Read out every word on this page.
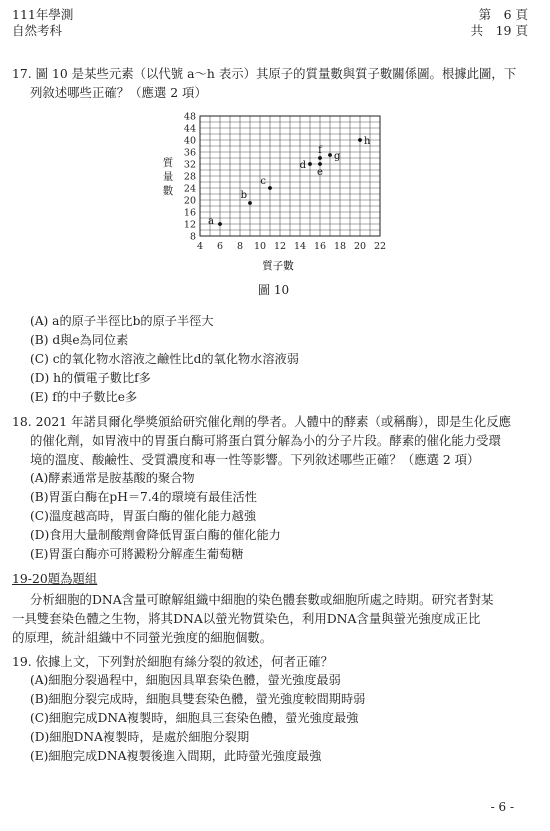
111年學測
自然考科
第　6 頁
共　19 頁
17. 圖 10 是某些元素（以代號 a～h 表示）其原子的質量數與質子數關係圖。根據此圖，下
列敘述哪些正確？（應選 2 項）
4 6 8 10 12 14 16 18 20 22
8
12
16
20
24
28
32
36
40
44
48
a
b
c
d
e
f
g
h
質子數
質
量
數
圖 10
(A) a的原子半徑比b的原子半徑大
(B) d與e為同位素
(C) c的氧化物水溶液之鹼性比d的氧化物水溶液弱
(D) h的價電子數比f多
(E) f的中子數比e多
18. 2021 年諾貝爾化學獎頒給研究催化劑的學者。人體中的酵素（或稱酶），即是生化反應
的催化劑，如胃液中的胃蛋白酶可將蛋白質分解為小的分子片段。酵素的催化能力受環
境的溫度、酸鹼性、受質濃度和專一性等影響。下列敘述哪些正確？（應選 2 項）
(A)酵素通常是胺基酸的聚合物
(B)胃蛋白酶在pH＝7.4的環境有最佳活性
(C)溫度越高時，胃蛋白酶的催化能力越強
(D)食用大量制酸劑會降低胃蛋白酶的催化能力
(E)胃蛋白酶亦可將澱粉分解產生葡萄糖
19-20題為題組
分析細胞的DNA含量可瞭解組織中細胞的染色體套數或細胞所處之時期。研究者對某
一具雙套染色體之生物，將其DNA以螢光物質染色，利用DNA含量與螢光強度成正比
的原理，統計組織中不同螢光強度的細胞個數。
19. 依據上文，下列對於細胞有絲分裂的敘述，何者正確？
(A)細胞分裂過程中，細胞因具單套染色體，螢光強度最弱
(B)細胞分裂完成時，細胞具雙套染色體，螢光強度較間期時弱
(C)細胞完成DNA複製時，細胞具三套染色體，螢光強度最強
(D)細胞DNA複製時，是處於細胞分裂期
(E)細胞完成DNA複製後進入間期，此時螢光強度最強
- 6 -
